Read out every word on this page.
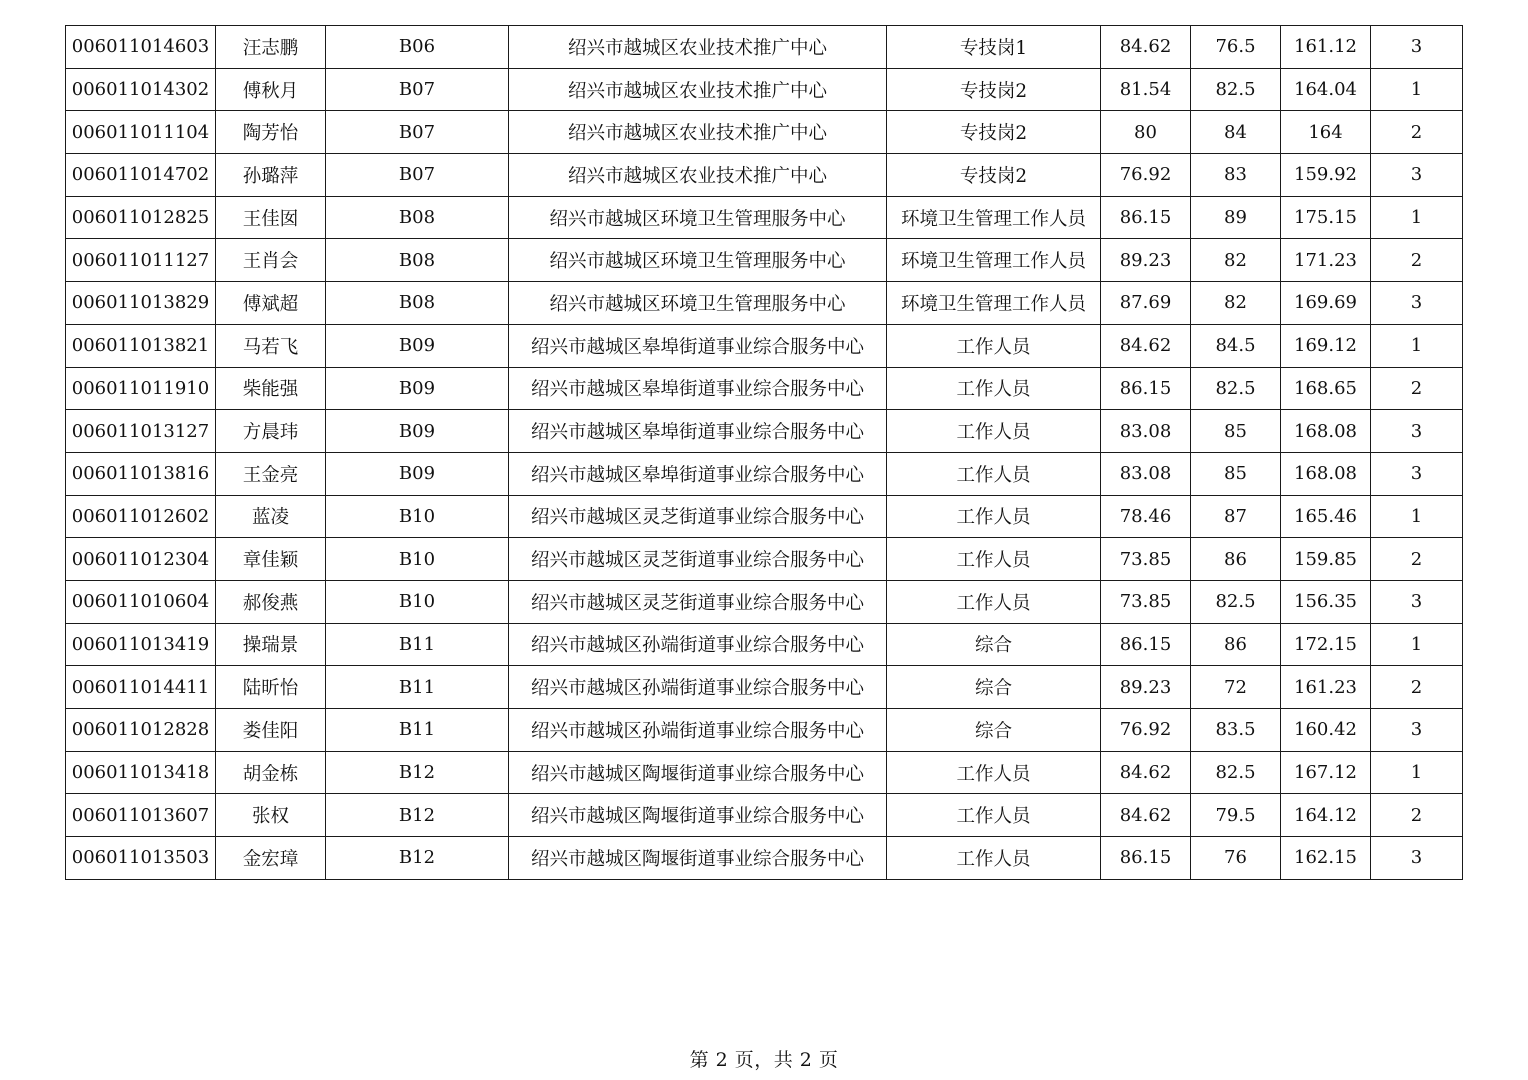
006011014603	汪志鹏	B06	绍兴市越城区农业技术推广中心	专技岗1	84.62	76.5	161.12	3
006011014302	傅秋月	B07	绍兴市越城区农业技术推广中心	专技岗2	81.54	82.5	164.04	1
006011011104	陶芳怡	B07	绍兴市越城区农业技术推广中心	专技岗2	80	84	164	2
006011014702	孙璐萍	B07	绍兴市越城区农业技术推广中心	专技岗2	76.92	83	159.92	3
006011012825	王佳囡	B08	绍兴市越城区环境卫生管理服务中心	环境卫生管理工作人员	86.15	89	175.15	1
006011011127	王肖会	B08	绍兴市越城区环境卫生管理服务中心	环境卫生管理工作人员	89.23	82	171.23	2
006011013829	傅斌超	B08	绍兴市越城区环境卫生管理服务中心	环境卫生管理工作人员	87.69	82	169.69	3
006011013821	马若飞	B09	绍兴市越城区皋埠街道事业综合服务中心	工作人员	84.62	84.5	169.12	1
006011011910	柴能强	B09	绍兴市越城区皋埠街道事业综合服务中心	工作人员	86.15	82.5	168.65	2
006011013127	方晨玮	B09	绍兴市越城区皋埠街道事业综合服务中心	工作人员	83.08	85	168.08	3
006011013816	王金亮	B09	绍兴市越城区皋埠街道事业综合服务中心	工作人员	83.08	85	168.08	3
006011012602	蓝凌	B10	绍兴市越城区灵芝街道事业综合服务中心	工作人员	78.46	87	165.46	1
006011012304	章佳颖	B10	绍兴市越城区灵芝街道事业综合服务中心	工作人员	73.85	86	159.85	2
006011010604	郝俊燕	B10	绍兴市越城区灵芝街道事业综合服务中心	工作人员	73.85	82.5	156.35	3
006011013419	操瑞景	B11	绍兴市越城区孙端街道事业综合服务中心	综合	86.15	86	172.15	1
006011014411	陆昕怡	B11	绍兴市越城区孙端街道事业综合服务中心	综合	89.23	72	161.23	2
006011012828	娄佳阳	B11	绍兴市越城区孙端街道事业综合服务中心	综合	76.92	83.5	160.42	3
006011013418	胡金栋	B12	绍兴市越城区陶堰街道事业综合服务中心	工作人员	84.62	82.5	167.12	1
006011013607	张权	B12	绍兴市越城区陶堰街道事业综合服务中心	工作人员	84.62	79.5	164.12	2
006011013503	金宏璋	B12	绍兴市越城区陶堰街道事业综合服务中心	工作人员	86.15	76	162.15	3
第 2 页，共 2 页
